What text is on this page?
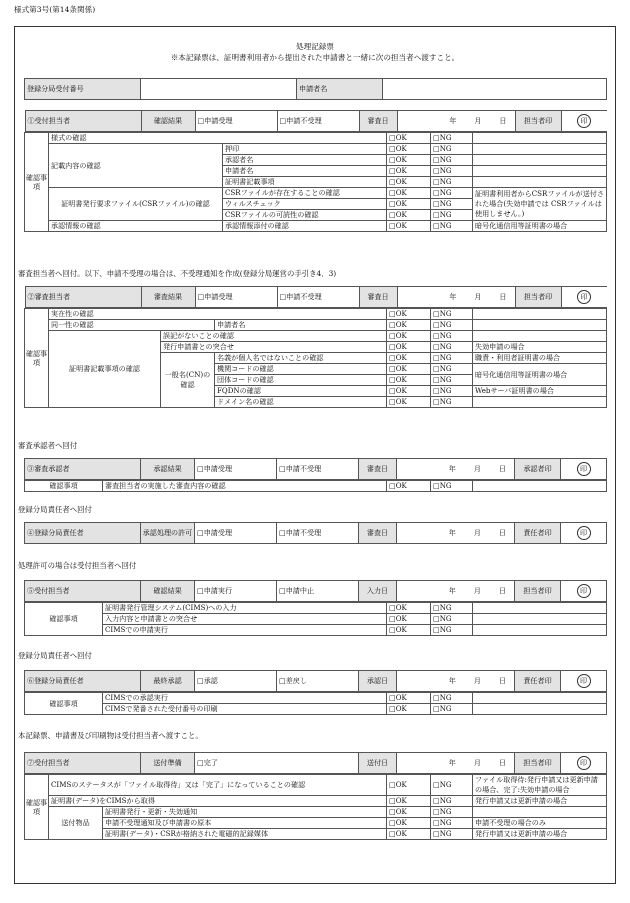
様式第3号(第14条関係)
処理記録票
※本記録票は、証明書利用者から提出された申請書と一緒に次の担当者へ渡すこと。
登録分局受付番号		申請者名	
①受付担当者	確認結果	□申請受理	□申請不受理	審査日	年	月	日	担当者印	印

確認事項	様式の確認	□OK	□NG	
記載内容の確認	押印	□OK	□NG	
承認者名	□OK	□NG	
申請者名	□OK	□NG	
証明書記載事項	□OK	□NG	
証明書発行要求ファイル(CSRファイル)の確認	CSRファイルが存在することの確認	□OK	□NG	証明書利用者からCSRファイルが送付された場合(失効申請では CSRファイルは使用しません。)
ウィルスチェック	□OK	□NG
CSRファイルの可読性の確認	□OK	□NG
承認情報の確認	承認情報添付の確認	□OK	□NG	暗号化通信用等証明書の場合
審査担当者へ回付。以下、申請不受理の場合は、不受理通知を作成(登録分局運営の手引き4．3)
②審査担当者	審査結果	□申請受理	□申請不受理	審査日	年	月	日	担当者印	印

確認事項	実在性の確認	□OK	□NG	
同一性の確認	申請者名	□OK	□NG	
証明書記載事項の確認	誤記がないことの確認	□OK	□NG	
発行申請書との突合せ	□OK	□NG	失効申請の場合
一般名(CN)の確認	名義が個人名ではないことの確認	□OK	□NG	職責・利用者証明書の場合
機関コードの確認	□OK	□NG	暗号化通信用等証明書の場合
団体コードの確認	□OK	□NG
FQDNの確認	□OK	□NG	Webサーバ証明書の場合
ドメイン名の確認	□OK	□NG	
審査承認者へ回付
③審査承認者	承認結果	□申請受理	□申請不受理	審査日	年	月	日	承認者印	印
確認事項	審査担当者の実施した審査内容の確認	□OK	□NG	
登録分局責任者へ回付
④登録分局責任者	承認処理の許可	□申請受理	□申請不受理	審査日	年	月	日	責任者印	印
処理許可の場合は受付担当者へ回付
⑤受付担当者	確認結果	□申請実行	□申請中止	入力日	年	月	日	担当者印	印
確認事項	証明書発行管理システム(CIMS)への入力	□OK	□NG	
	入力内容と申請書との突合せ	□OK	□NG	
	CIMSでの申請実行	□OK	□NG	
登録分局責任者へ回付
⑥登録分局責任者	最終承認	□承認	□差戻し	承認日	年	月	日	責任者印	印
確認事項	CIMSでの承認実行	□OK	□NG	
	CIMSで発番された受付番号の印刷	□OK	□NG	
本記録票、申請書及び印刷物は受付担当者へ渡すこと。
⑦受付担当者	送付準備	□完了	送付日	年	月	日	担当者印	印
確認事項	CIMSのステータスが「ファイル取得待」又は「完了」になっていることの確認		□OK	□NG	ファイル取得待:発行申請又は更新申請の場合、完了:失効申請の場合
	証明書(データ)をCIMSから取得		□OK	□NG	発行申請又は更新申請の場合
	送付物品	証明書発行・更新・失効通知	□OK	□NG	
		申請不受理通知及び申請書の原本	□OK	□NG	申請不受理の場合のみ
		証明書(データ)・CSRが格納された電磁的記録媒体	□OK	□NG	発行申請又は更新申請の場合
